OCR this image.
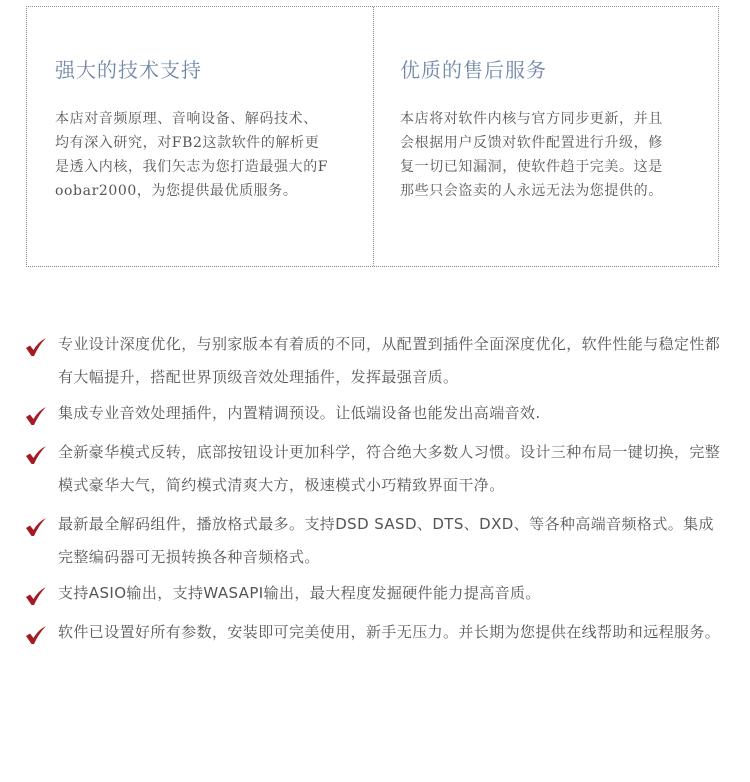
强大的技术支持

本店对音频原理、音响设备、解码技术、均有深入研究，对FB2这款软件的解析更是透入内核，我们矢志为您打造最强大的Foobar2000，为您提供最优质服务。

优质的售后服务

本店将对软件内核与官方同步更新，并且会根据用户反馈对软件配置进行升级，修复一切已知漏洞，使软件趋于完美。这是那些只会盗卖的人永远无法为您提供的。

专业设计深度优化，与别家版本有着质的不同，从配置到插件全面深度优化，软件性能与稳定性都有大幅提升，搭配世界顶级音效处理插件，发挥最强音质。
集成专业音效处理插件，内置精调预设。让低端设备也能发出高端音效.
全新豪华模式反转，底部按钮设计更加科学，符合绝大多数人习惯。设计三种布局一键切换，完整模式豪华大气，简约模式清爽大方，极速模式小巧精致界面干净。
最新最全解码组件，播放格式最多。支持DSD SASD、DTS、DXD、等各种高端音频格式。集成完整编码器可无损转换各种音频格式。
支持ASIO输出，支持WASAPI输出，最大程度发掘硬件能力提高音质。
软件已设置好所有参数，安装即可完美使用，新手无压力。并长期为您提供在线帮助和远程服务。
